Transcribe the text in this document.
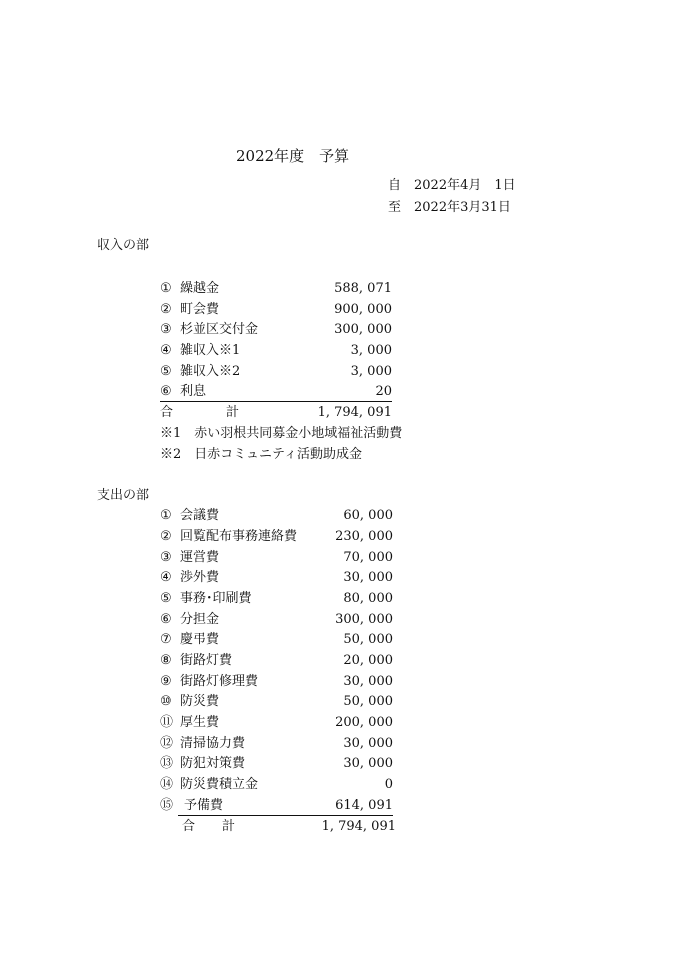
2022年度　予算
自　2022年4月　1日
至　2022年3月31日
収入の部
① 繰越金	588, 071
② 町会費	900, 000
③ 杉並区交付金	300, 000
④ 雑収入※1	3, 000
⑤ 雑収入※2	3, 000
⑥ 利息	20
合	計	1, 794, 091
※1　赤い羽根共同募金小地域福祉活動費
※2　日赤コミュニティ活動助成金
支出の部
① 会議費	60, 000
② 回覧配布事務連絡費	230, 000
③ 運営費	70, 000
④ 渉外費	30, 000
⑤ 事務･印刷費	80, 000
⑥ 分担金	300, 000
⑦ 慶弔費	50, 000
⑧ 街路灯費	20, 000
⑨ 街路灯修理費	30, 000
⑩ 防災費	50, 000
⑪ 厚生費	200, 000
⑫ 清掃協力費	30, 000
⑬ 防犯対策費	30, 000
⑭ 防災費積立金	0
⑮ 予備費	614, 091
合 計	1, 794, 091
